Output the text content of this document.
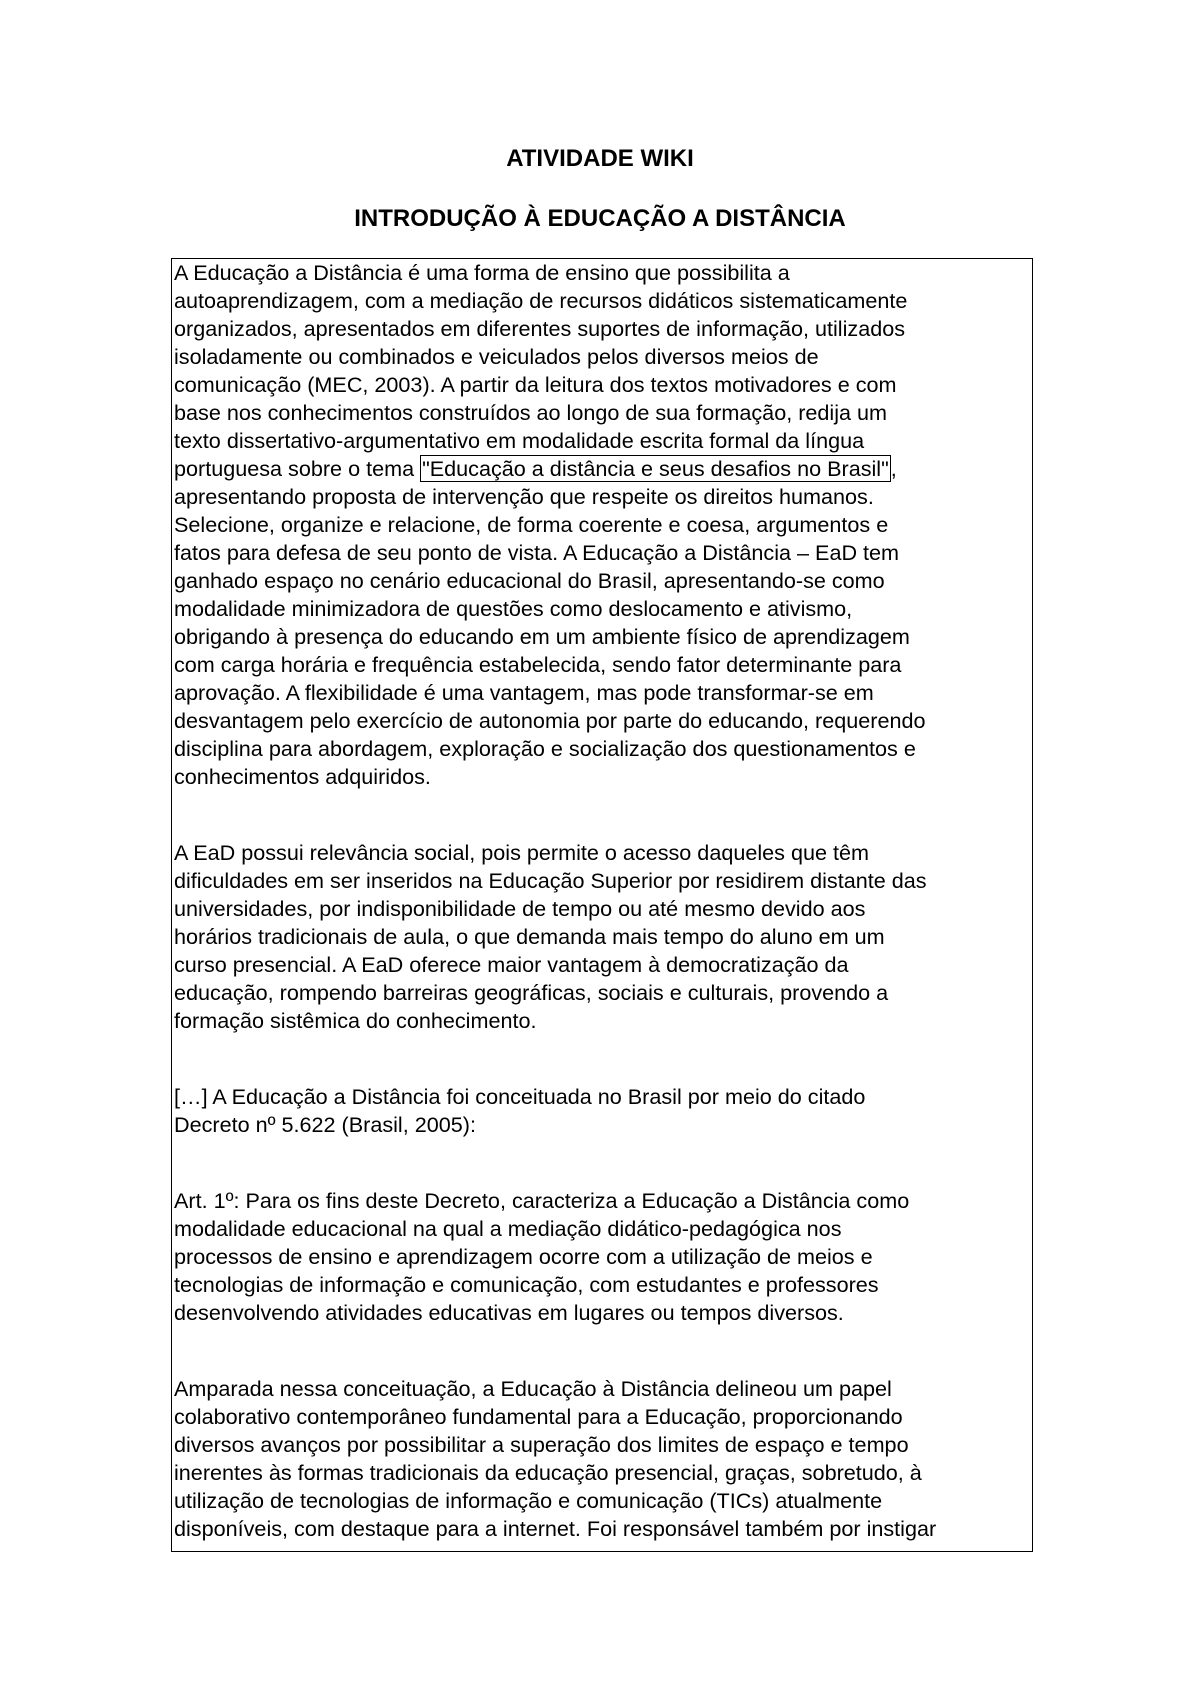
ATIVIDADE WIKI
INTRODUÇÃO À EDUCAÇÃO A DISTÂNCIA

A Educação a Distância é uma forma de ensino que possibilita a

autoaprendizagem, com a mediação de recursos didáticos sistematicamente

organizados, apresentados em diferentes suportes de informação, utilizados

isoladamente ou combinados e veiculados pelos diversos meios de

comunicação (MEC, 2003). A partir da leitura dos textos motivadores e com

base nos conhecimentos construídos ao longo de sua formação, redija um

texto dissertativo-argumentativo em modalidade escrita formal da língua

portuguesa sobre o tema "Educação a distância e seus desafios no Brasil",

apresentando proposta de intervenção que respeite os direitos humanos.

Selecione, organize e relacione, de forma coerente e coesa, argumentos e

fatos para defesa de seu ponto de vista. A Educação a Distância – EaD tem

ganhado espaço no cenário educacional do Brasil, apresentando-se como

modalidade minimizadora de questões como deslocamento e ativismo,

obrigando à presença do educando em um ambiente físico de aprendizagem

com carga horária e frequência estabelecida, sendo fator determinante para

aprovação. A flexibilidade é uma vantagem, mas pode transformar-se em

desvantagem pelo exercício de autonomia por parte do educando, requerendo

disciplina para abordagem, exploração e socialização dos questionamentos e

conhecimentos adquiridos.

A EaD possui relevância social, pois permite o acesso daqueles que têm

dificuldades em ser inseridos na Educação Superior por residirem distante das

universidades, por indisponibilidade de tempo ou até mesmo devido aos

horários tradicionais de aula, o que demanda mais tempo do aluno em um

curso presencial. A EaD oferece maior vantagem à democratização da

educação, rompendo barreiras geográficas, sociais e culturais, provendo a

formação sistêmica do conhecimento.

[…] A Educação a Distância foi conceituada no Brasil por meio do citado

Decreto nº 5.622 (Brasil, 2005):

Art. 1º: Para os fins deste Decreto, caracteriza a Educação a Distância como

modalidade educacional na qual a mediação didático-pedagógica nos

processos de ensino e aprendizagem ocorre com a utilização de meios e

tecnologias de informação e comunicação, com estudantes e professores

desenvolvendo atividades educativas em lugares ou tempos diversos.

Amparada nessa conceituação, a Educação à Distância delineou um papel

colaborativo contemporâneo fundamental para a Educação, proporcionando

diversos avanços por possibilitar a superação dos limites de espaço e tempo

inerentes às formas tradicionais da educação presencial, graças, sobretudo, à

utilização de tecnologias de informação e comunicação (TICs) atualmente

disponíveis, com destaque para a internet. Foi responsável também por instigar
